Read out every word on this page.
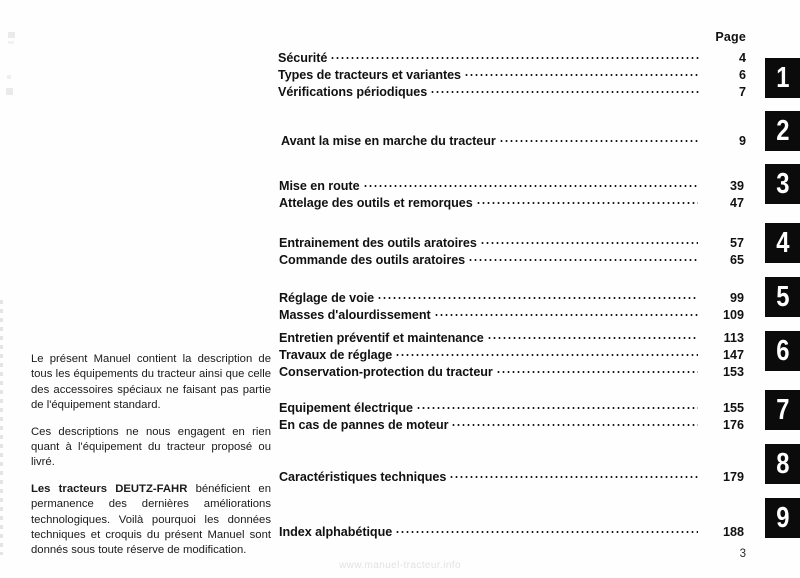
Page
Sécurité	4
Types de tracteurs et variantes	6
Vérifications périodiques	7
Avant la mise en marche du tracteur	9
Mise en route	39
Attelage des outils et remorques	47
Entrainement des outils aratoires	57
Commande des outils aratoires	65
Réglage de voie	99
Masses d'alourdissement	109
Entretien préventif et maintenance	113
Travaux de réglage	147
Conservation-protection du tracteur	153
Equipement électrique	155
En cas de pannes de moteur	176
Caractéristiques techniques	179
Index alphabétique	188
1
2
3
4
5
6
7
8
9

Le présent Manuel contient la description de tous les équipements du tracteur ainsi que celle des accessoires spéciaux ne faisant pas partie de l'équipement standard.

Ces descriptions ne nous engagent en rien quant à l'équipement du tracteur proposé ou livré.

Les tracteurs DEUTZ-FAHR bénéficient en permanence des dernières améliorations technologiques. Voilà pourquoi les données techniques et croquis du présent Manuel sont donnés sous toute réserve de modification.	3
www.manuel-tracteur.info
